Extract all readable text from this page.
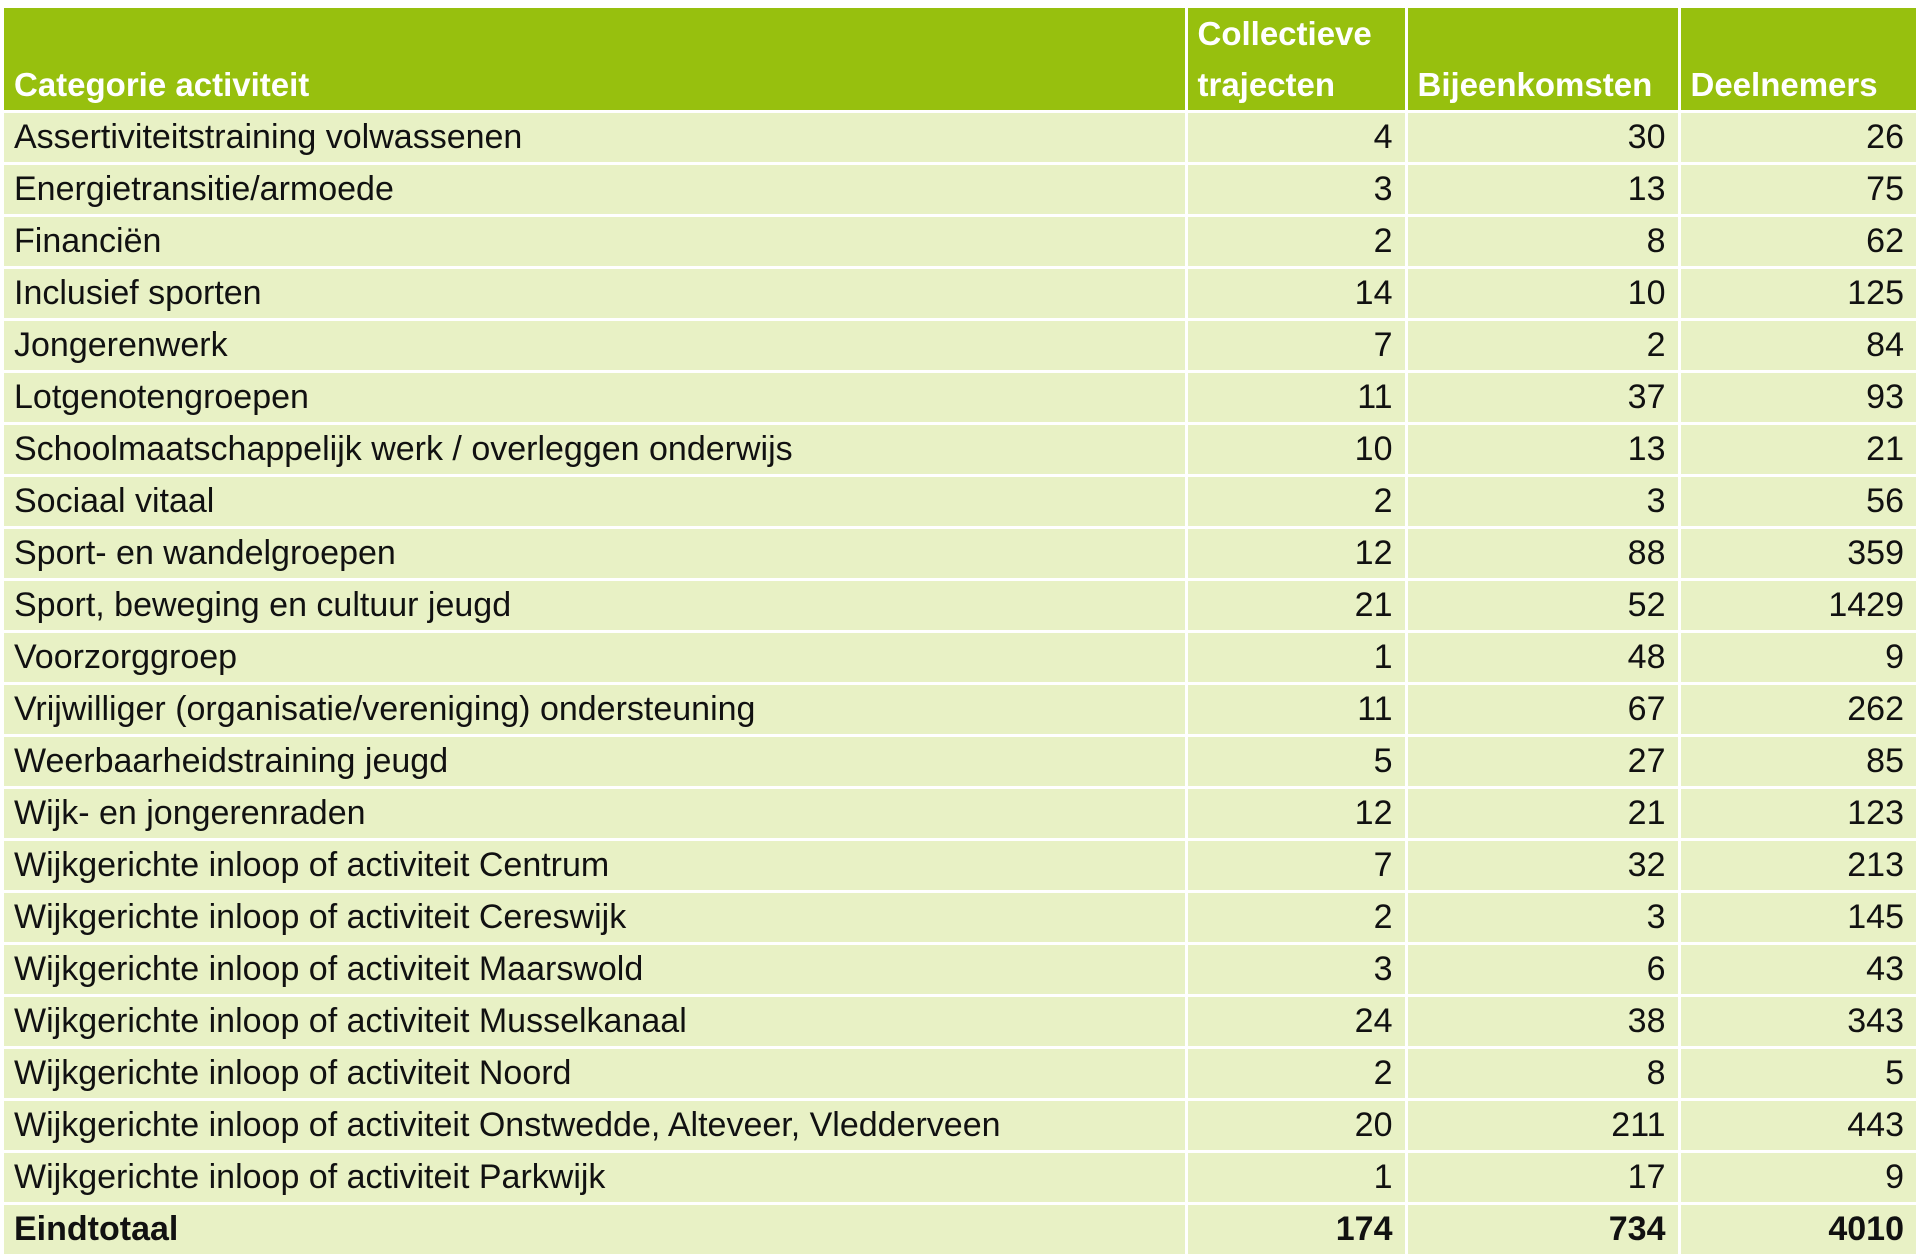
Categorie activiteit	Collectieve trajecten	Bijeenkomsten	Deelnemers
Assertiviteitstraining volwassenen	4	30	26
Energietransitie/armoede	3	13	75
Financiën	2	8	62
Inclusief sporten	14	10	125
Jongerenwerk	7	2	84
Lotgenotengroepen	11	37	93
Schoolmaatschappelijk werk / overleggen onderwijs	10	13	21
Sociaal vitaal	2	3	56
Sport- en wandelgroepen	12	88	359
Sport, beweging en cultuur jeugd	21	52	1429
Voorzorggroep	1	48	9
Vrijwilliger (organisatie/vereniging) ondersteuning	11	67	262
Weerbaarheidstraining jeugd	5	27	85
Wijk- en jongerenraden	12	21	123
Wijkgerichte inloop of activiteit Centrum	7	32	213
Wijkgerichte inloop of activiteit Cereswijk	2	3	145
Wijkgerichte inloop of activiteit Maarswold	3	6	43
Wijkgerichte inloop of activiteit Musselkanaal	24	38	343
Wijkgerichte inloop of activiteit Noord	2	8	5
Wijkgerichte inloop of activiteit Onstwedde, Alteveer, Vledderveen	20	211	443
Wijkgerichte inloop of activiteit Parkwijk	1	17	9
Eindtotaal	174	734	4010
